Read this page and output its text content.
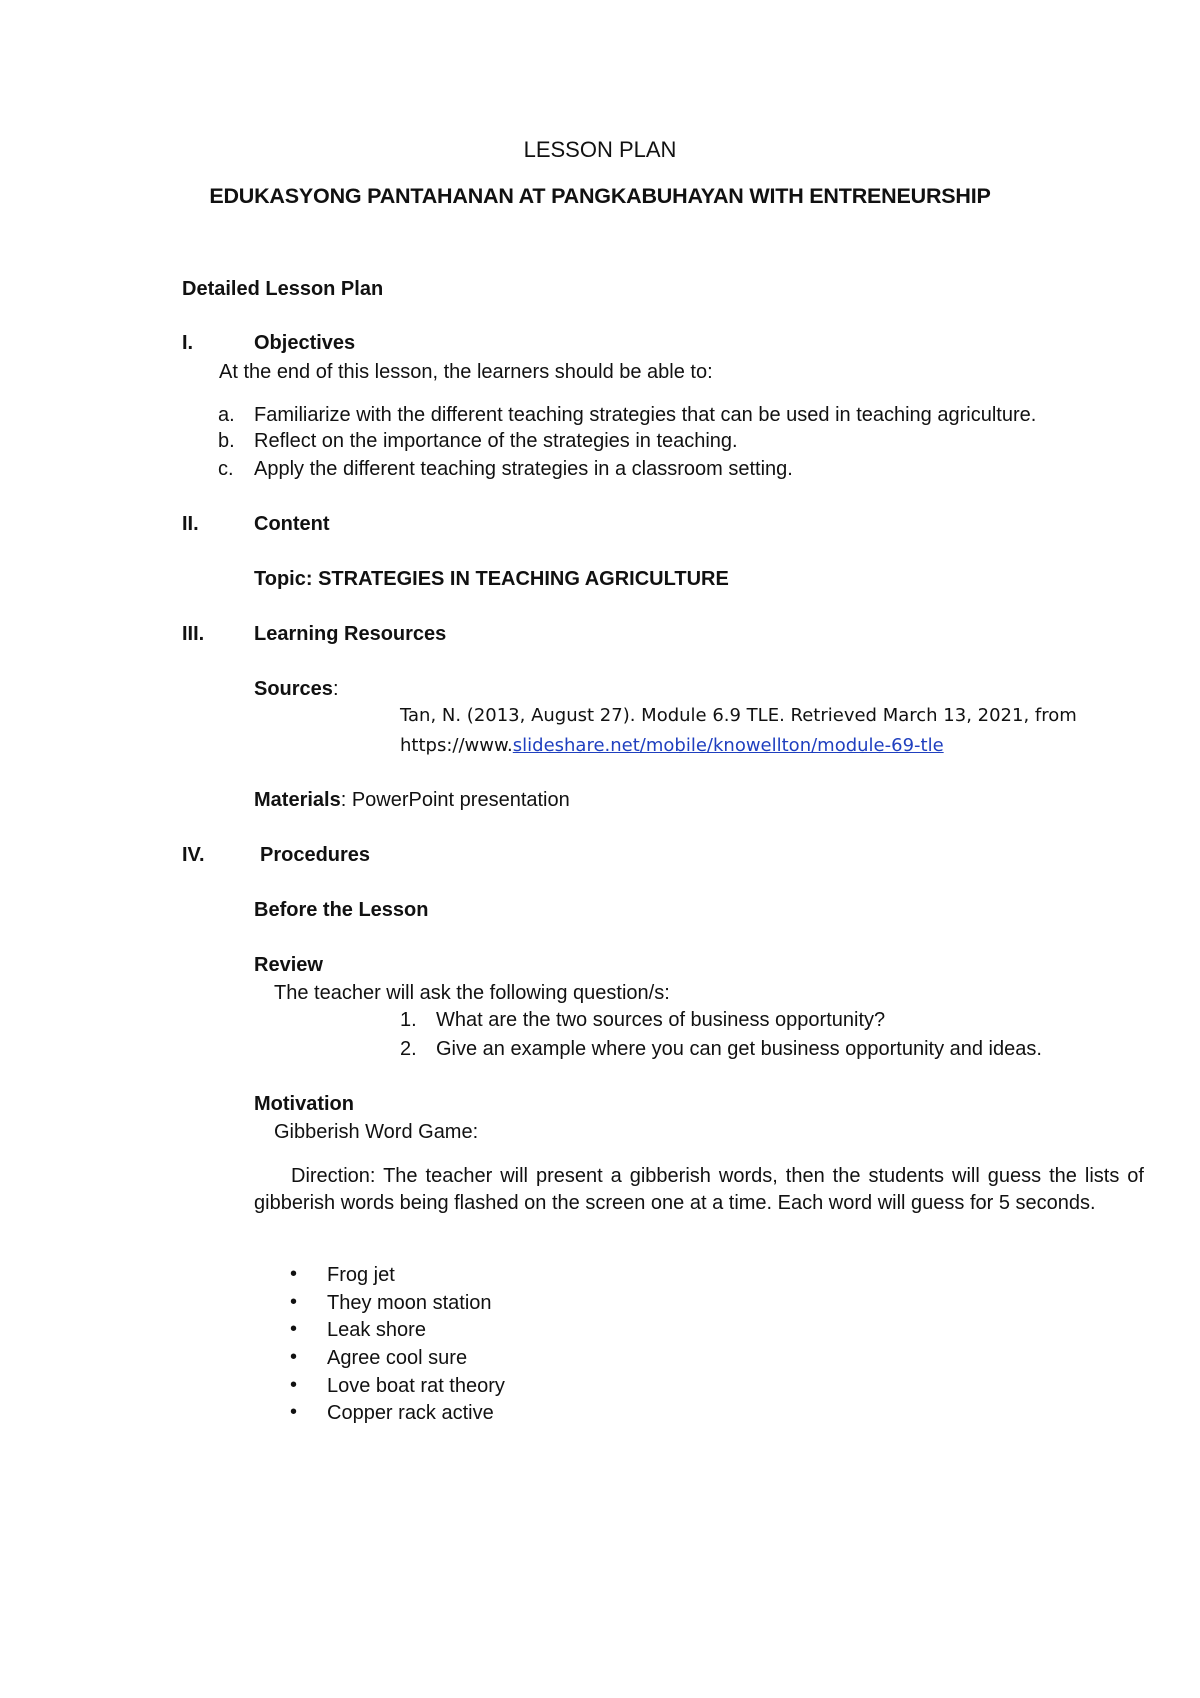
LESSON PLAN
EDUKASYONG PANTAHANAN AT PANGKABUHAYAN WITH ENTRENEURSHIP
Detailed Lesson Plan
I.	Objectives
At the end of this lesson, the learners should be able to:
a. Familiarize with the different teaching strategies that can be used in teaching agriculture.
b. Reflect on the importance of the strategies in teaching.
c. Apply the different teaching strategies in a classroom setting.
II.	Content
Topic: STRATEGIES IN TEACHING AGRICULTURE
III. Learning Resources
Sources:
Tan, N. (2013, August 27). Module 6.9 TLE. Retrieved March 13, 2021, from
https://www.slideshare.net/mobile/knowellton/module-69-tle
Materials: PowerPoint presentation
IV.	Procedures
Before the Lesson
Review
The teacher will ask the following question/s:
1. What are the two sources of business opportunity?
2. Give an example where you can get business opportunity and ideas.
Motivation
Gibberish Word Game:
Direction: The teacher will present a gibberish words, then the students will guess the lists of gibberish words being flashed on the screen one at a time. Each word will guess for 5 seconds.
• Frog jet
• They moon station
• Leak shore
• Agree cool sure
• Love boat rat theory
• Copper rack active
